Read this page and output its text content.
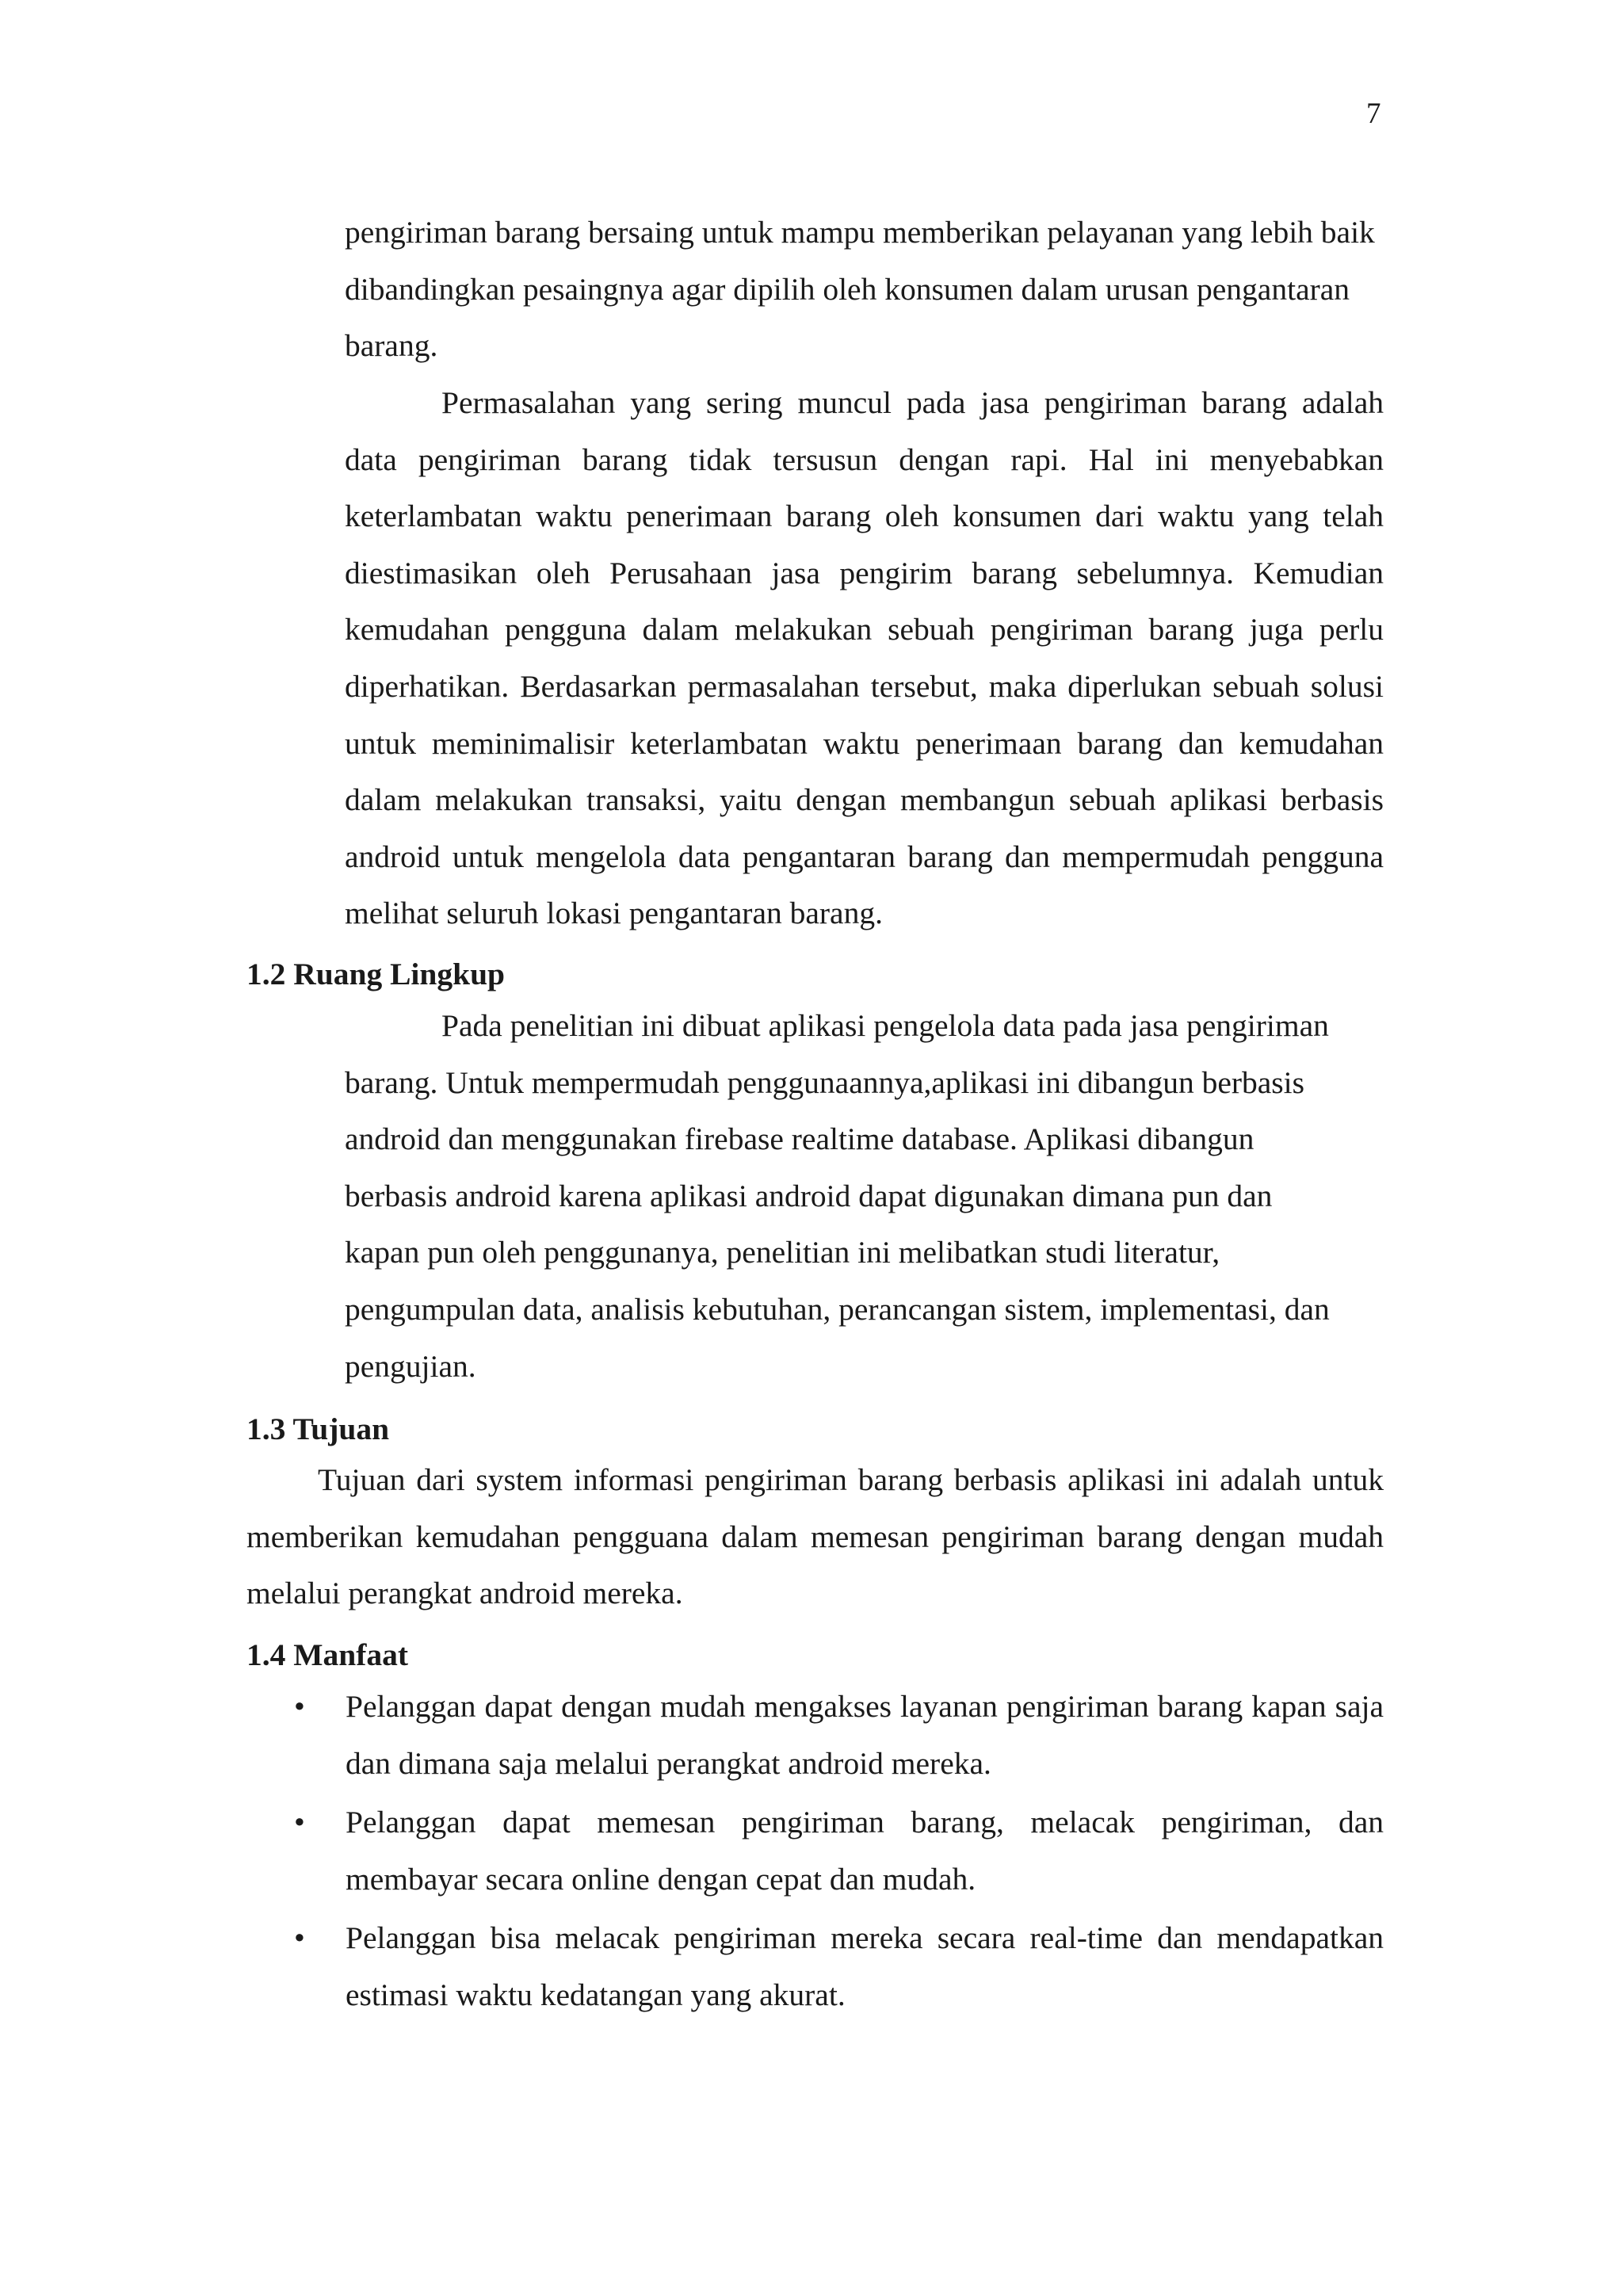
7

pengiriman barang bersaing untuk mampu memberikan pelayanan yang lebih baik dibandingkan pesaingnya agar dipilih oleh konsumen dalam urusan pengantaran barang.

Permasalahan yang sering muncul pada jasa pengiriman barang adalah data pengiriman barang tidak tersusun dengan rapi. Hal ini menyebabkan keterlambatan waktu penerimaan barang oleh konsumen dari waktu yang telah diestimasikan oleh Perusahaan jasa pengirim barang sebelumnya. Kemudian kemudahan pengguna dalam melakukan sebuah pengiriman barang juga perlu diperhatikan. Berdasarkan permasalahan tersebut, maka diperlukan sebuah solusi untuk meminimalisir keterlambatan waktu penerimaan barang dan kemudahan dalam melakukan transaksi, yaitu dengan membangun sebuah aplikasi berbasis android untuk mengelola data pengantaran barang dan mempermudah pengguna melihat seluruh lokasi pengantaran barang.

1.2 Ruang Lingkup
Pada penelitian ini dibuat aplikasi pengelola data pada jasa pengiriman
barang. Untuk mempermudah penggunaannya,aplikasi ini dibangun berbasis
android dan menggunakan firebase realtime database. Aplikasi dibangun
berbasis android karena aplikasi android dapat digunakan dimana pun dan
kapan pun oleh penggunanya, penelitian ini melibatkan studi literatur,
pengumpulan data, analisis kebutuhan, perancangan sistem, implementasi, dan
pengujian.
1.3 Tujuan

Tujuan dari system informasi pengiriman barang berbasis aplikasi ini adalah untuk memberikan kemudahan pengguana dalam memesan pengiriman barang dengan mudah melalui perangkat android mereka.

1.4 Manfaat
•	Pelanggan dapat dengan mudah mengakses layanan pengiriman barang kapan saja dan dimana saja melalui perangkat android mereka.
•	Pelanggan dapat memesan pengiriman barang, melacak pengiriman, dan membayar secara online dengan cepat dan mudah.
•	Pelanggan bisa melacak pengiriman mereka secara real-time dan mendapatkan estimasi waktu kedatangan yang akurat.
